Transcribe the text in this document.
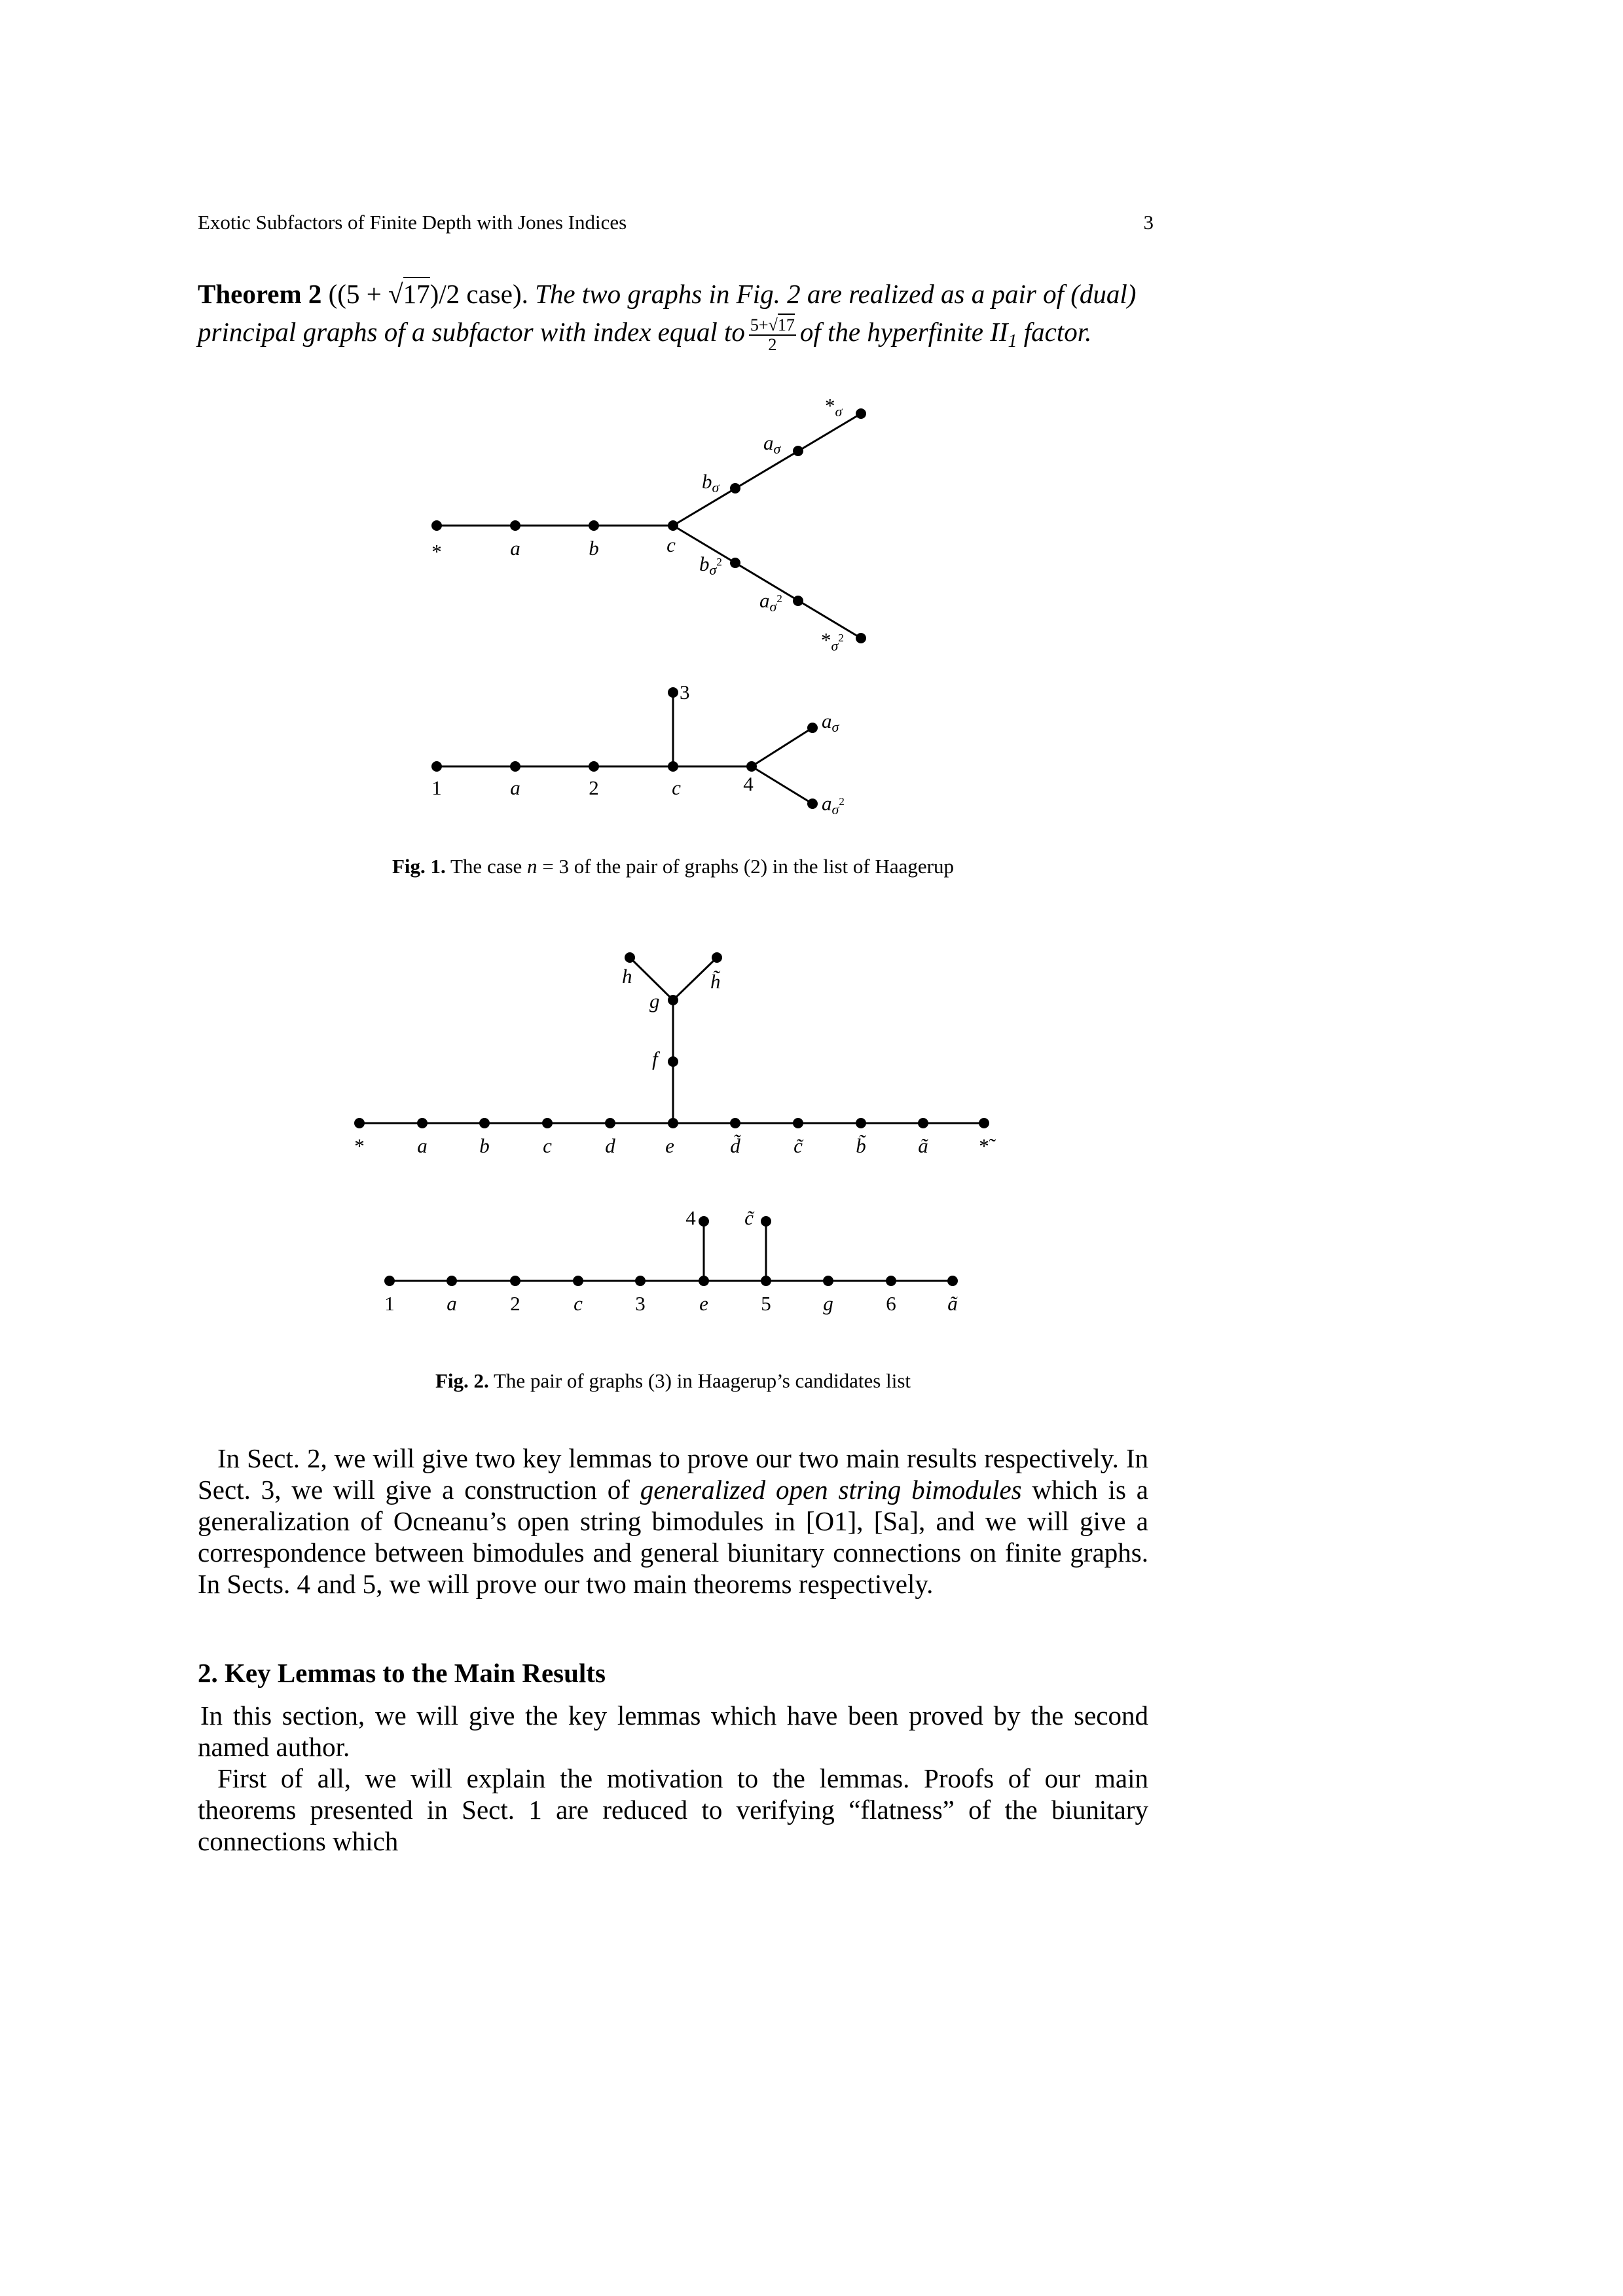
Exotic Subfactors of Finite Depth with Jones Indices	3
Theorem 2 ((5 + √17)/2 case). The two graphs in Fig. 2 are realized as a pair of (dual) principal graphs of a subfactor with index equal to $\frac{5+√17}{2}$ of the hyperfinite $II_1$ factor.
*	a	b	c
bσ
aσ
*σ
$b\sigma^2$
$a\sigma^2$
$*\sigma^2$
1	a	2	c	4
3
aσ
$a\sigma^2$
*	a	b	c	d e	d̃	c̃	b̃	ã	*̃
f
g
h	h̃
1	a	2	c	3	e	5	g	6	ã
4 c̃
Fig. 1. The case n = 3 of the pair of graphs (2) in the list of Haagerup
Fig. 2. The pair of graphs (3) in Haagerup’s candidates list

In Sect. 2, we will give two key lemmas to prove our two main results respectively. In Sect. 3, we will give a construction of generalized open string bimodules which is a generalization of Ocneanu’s open string bimodules in [O1], [Sa], and we will give a correspondence between bimodules and general biunitary connections on finite graphs. In Sects. 4 and 5, we will prove our two main theorems respectively.

2. Key Lemmas to the Main Results

In this section, we will give the key lemmas which have been proved by the second named author.

First of all, we will explain the motivation to the lemmas. Proofs of our main theorems presented in Sect. 1 are reduced to verifying “flatness” of the biunitary connections which
